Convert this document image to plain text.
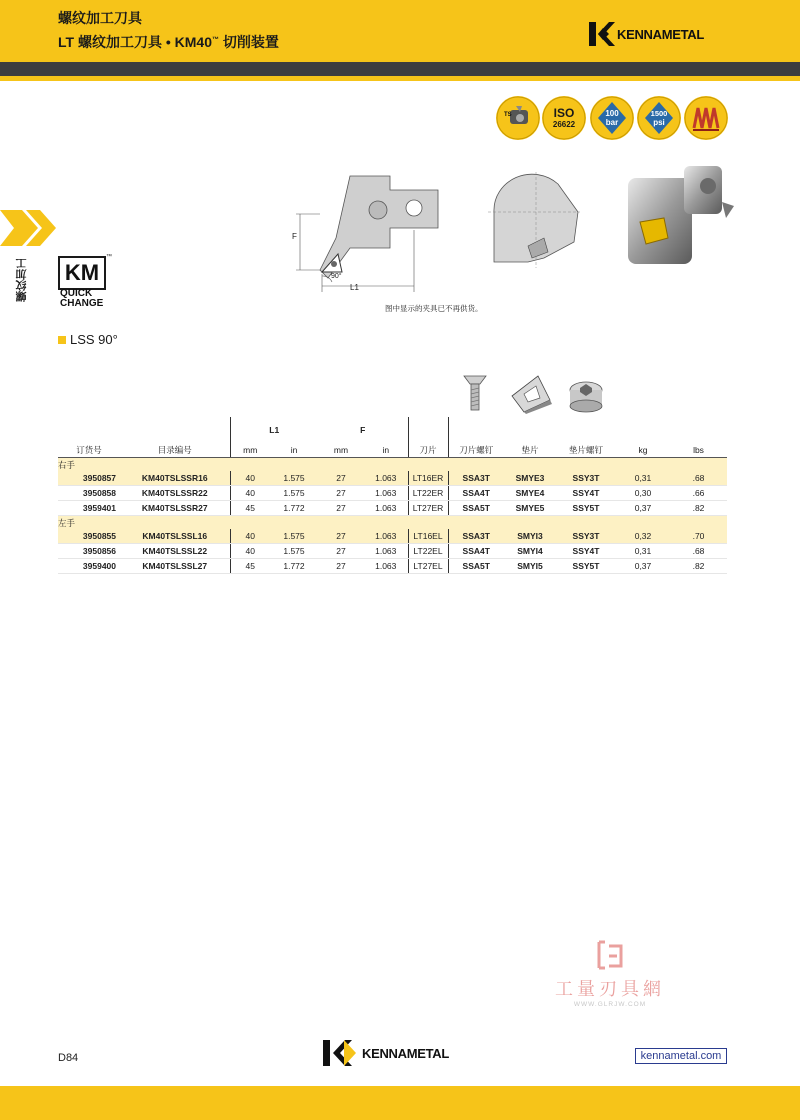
螺纹加工刀具
LT 螺纹加工刀具 • KM40™ 切削装置	KENNAMETAL
螺纹加工
TS	ISO
26622
100
bar
1500
psi
F
L1
90°
图中显示的夹具已不再供货。
KM
™
QUICK
CHANGE
LSS 90°
		L1		F							
订货号	目录编号	mm	in	mm	in	刀片	刀片螺钉	垫片	垫片螺钉	kg	lbs
右手											
3950857	KM40TSLSSR16	40	1.575	27	1.063	LT16ER	SSA3T	SMYE3	SSY3T	0,31	.68
3950858	KM40TSLSSR22	40	1.575	27	1.063	LT22ER	SSA4T	SMYE4	SSY4T	0,30	.66
3959401	KM40TSLSSR27	45	1.772	27	1.063	LT27ER	SSA5T	SMYE5	SSY5T	0,37	.82
左手											
3950855	KM40TSLSSL16	40	1.575	27	1.063	LT16EL	SSA3T	SMYI3	SSY3T	0,32	.70
3950856	KM40TSLSSL22	40	1.575	27	1.063	LT22EL	SSA4T	SMYI4	SSY4T	0,31	.68
3959400	KM40TSLSSL27	45	1.772	27	1.063	LT27EL	SSA5T	SMYI5	SSY5T	0,37	.82
工量刃具網
WWW.GLRJW.COM
D84	KENNAMETAL	kennametal.com
